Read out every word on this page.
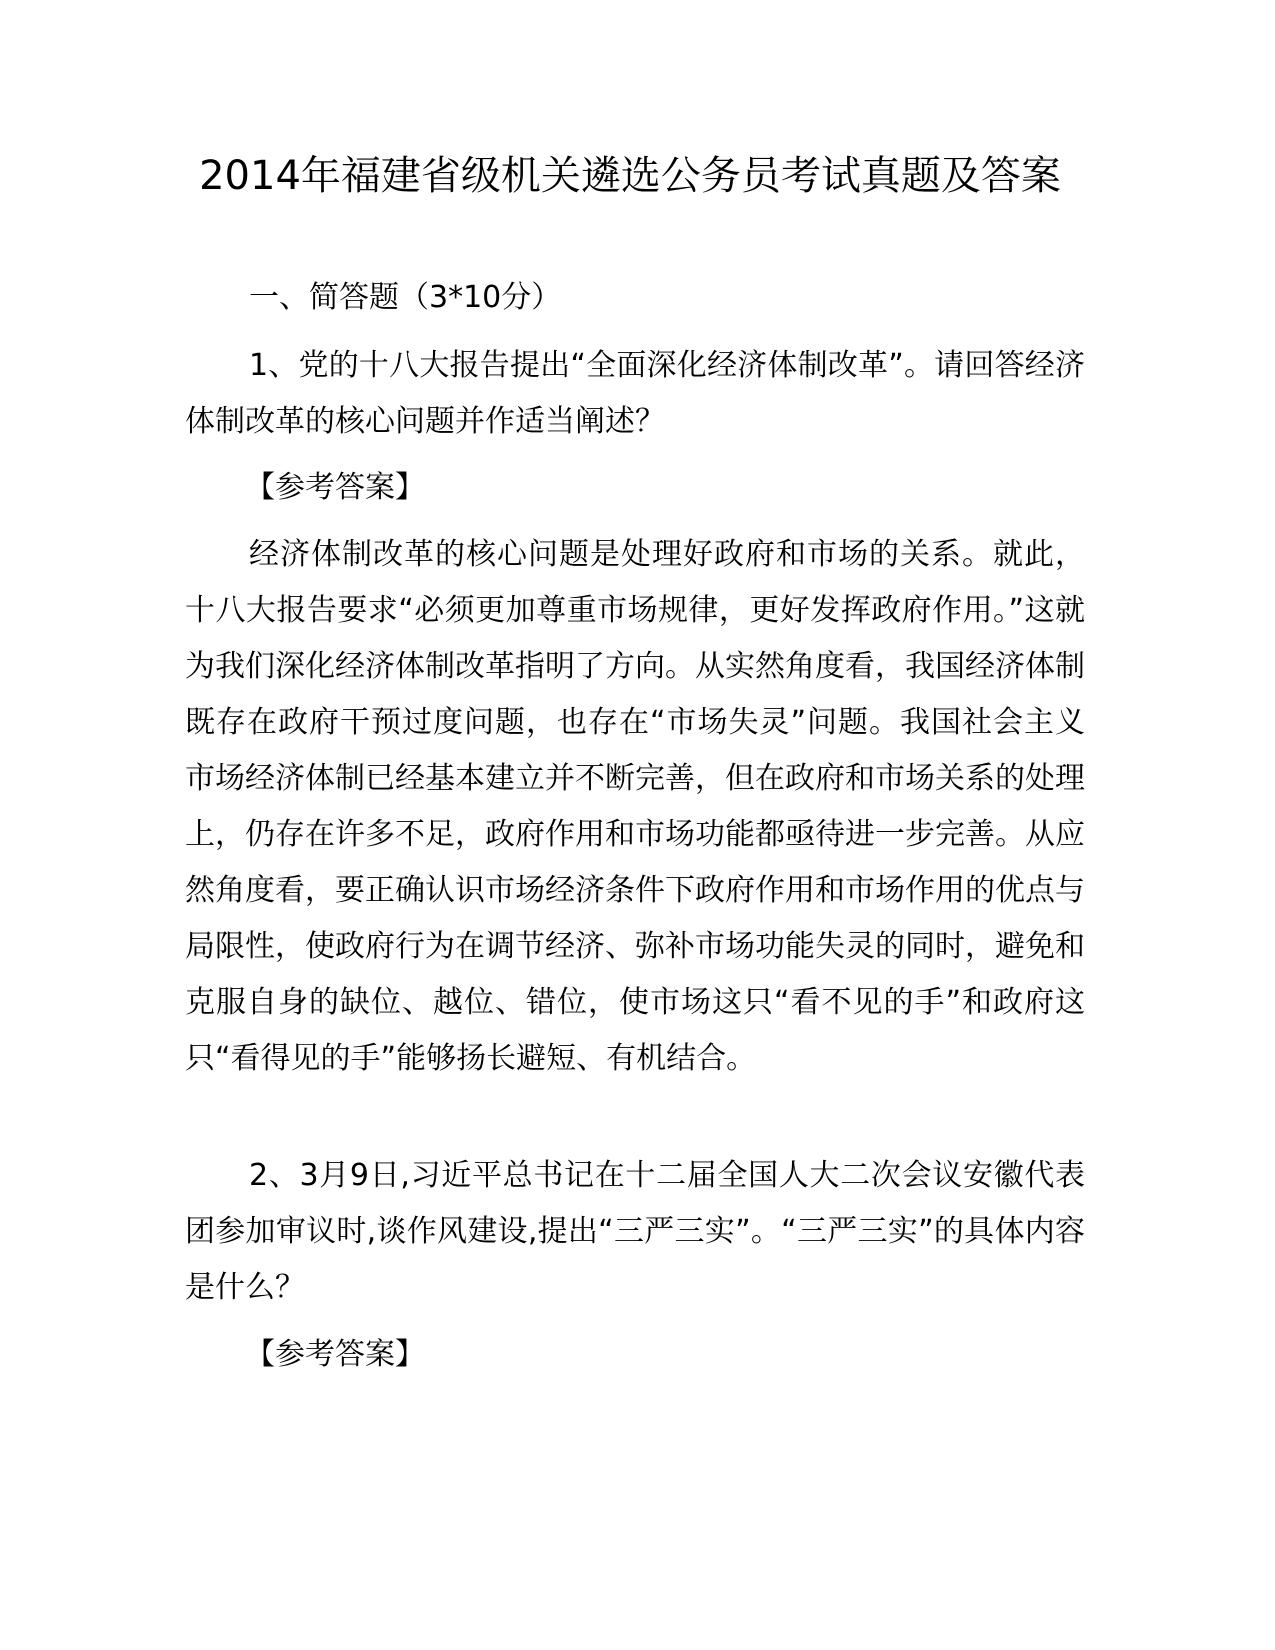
2014年福建省级机关遴选公务员考试真题及答案

一、简答题（3*10分）

1、党的十八大报告提出“全面深化经济体制改革”。请回答经济体制改革的核心问题并作适当阐述？

【参考答案】

经济体制改革的核心问题是处理好政府和市场的关系。就此，十八大报告要求“必须更加尊重市场规律，更好发挥政府作用。”这就为我们深化经济体制改革指明了方向。从实然角度看，我国经济体制既存在政府干预过度问题，也存在“市场失灵”问题。我国社会主义市场经济体制已经基本建立并不断完善，但在政府和市场关系的处理上，仍存在许多不足，政府作用和市场功能都亟待进一步完善。从应然角度看，要正确认识市场经济条件下政府作用和市场作用的优点与局限性，使政府行为在调节经济、弥补市场功能失灵的同时，避免和克服自身的缺位、越位、错位，使市场这只“看不见的手”和政府这只“看得见的手”能够扬长避短、有机结合。

2、3月9日,习近平总书记在十二届全国人大二次会议安徽代表团参加审议时,谈作风建设,提出“三严三实”。“三严三实”的具体内容是什么？

【参考答案】
